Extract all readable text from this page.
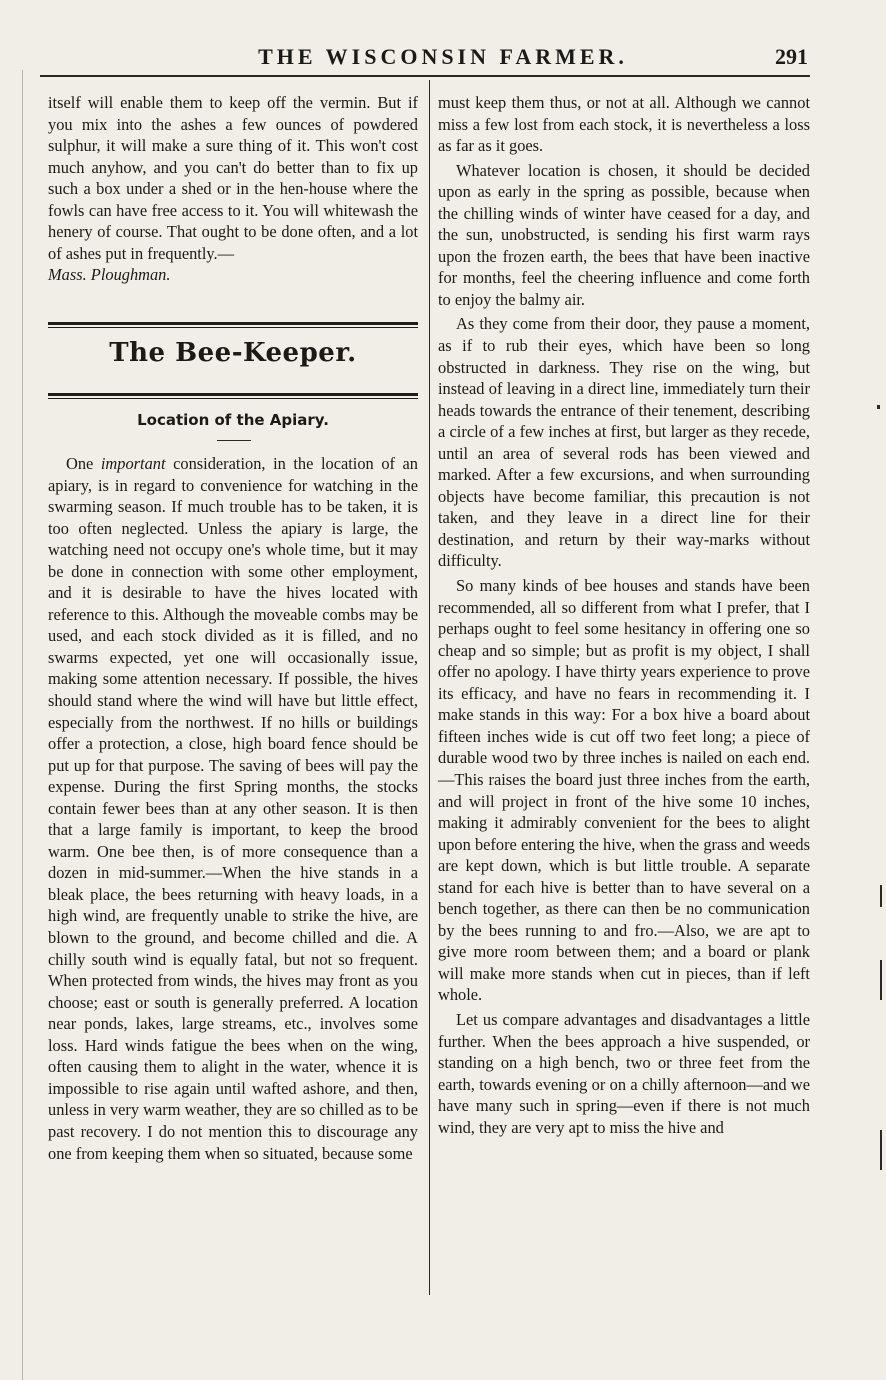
THE WISCONSIN FARMER.	291

itself will enable them to keep off the vermin. But if you mix into the ashes a few ounces of powdered sulphur, it will make a sure thing of it. This won't cost much anyhow, and you can't do better than to fix up such a box under a shed or in the hen-house where the fowls can have free access to it. You will whitewash the henery of course. That ought to be done often, and a lot of ashes put in frequently.—

Mass. Ploughman.

The Bee-Keeper.
Location of the Apiary.

One important consideration, in the location of an apiary, is in regard to convenience for watching in the swarming season. If much trouble has to be taken, it is too often neglected. Unless the apiary is large, the watching need not occupy one's whole time, but it may be done in connection with some other employment, and it is desirable to have the hives located with reference to this. Although the moveable combs may be used, and each stock divided as it is filled, and no swarms expected, yet one will occasionally issue, making some attention necessary. If possible, the hives should stand where the wind will have but little effect, especially from the northwest. If no hills or buildings offer a protection, a close, high board fence should be put up for that purpose. The saving of bees will pay the expense. During the first Spring months, the stocks contain fewer bees than at any other season. It is then that a large family is important, to keep the brood warm. One bee then, is of more consequence than a dozen in mid-summer.—When the hive stands in a bleak place, the bees returning with heavy loads, in a high wind, are frequently unable to strike the hive, are blown to the ground, and become chilled and die. A chilly south wind is equally fatal, but not so frequent. When protected from winds, the hives may front as you choose; east or south is generally preferred. A location near ponds, lakes, large streams, etc., involves some loss. Hard winds fatigue the bees when on the wing, often causing them to alight in the water, whence it is impossible to rise again until wafted ashore, and then, unless in very warm weather, they are so chilled as to be past recovery. I do not mention this to discourage any one from keeping them when so situated, because some

must keep them thus, or not at all. Although we cannot miss a few lost from each stock, it is nevertheless a loss as far as it goes.

Whatever location is chosen, it should be decided upon as early in the spring as possible, because when the chilling winds of winter have ceased for a day, and the sun, unobstructed, is sending his first warm rays upon the frozen earth, the bees that have been inactive for months, feel the cheering influence and come forth to enjoy the balmy air.

As they come from their door, they pause a moment, as if to rub their eyes, which have been so long obstructed in darkness. They rise on the wing, but instead of leaving in a direct line, immediately turn their heads towards the entrance of their tenement, describing a circle of a few inches at first, but larger as they recede, until an area of several rods has been viewed and marked. After a few excursions, and when surrounding objects have become familiar, this precaution is not taken, and they leave in a direct line for their destination, and return by their way-marks without difficulty.

So many kinds of bee houses and stands have been recommended, all so different from what I prefer, that I perhaps ought to feel some hesitancy in offering one so cheap and so simple; but as profit is my object, I shall offer no apology. I have thirty years experience to prove its efficacy, and have no fears in recommending it. I make stands in this way: For a box hive a board about fifteen inches wide is cut off two feet long; a piece of durable wood two by three inches is nailed on each end.—This raises the board just three inches from the earth, and will project in front of the hive some 10 inches, making it admirably convenient for the bees to alight upon before entering the hive, when the grass and weeds are kept down, which is but little trouble. A separate stand for each hive is better than to have several on a bench together, as there can then be no communication by the bees running to and fro.—Also, we are apt to give more room between them; and a board or plank will make more stands when cut in pieces, than if left whole.

Let us compare advantages and disadvantages a little further. When the bees approach a hive suspended, or standing on a high bench, two or three feet from the earth, towards evening or on a chilly afternoon—and we have many such in spring—even if there is not much wind, they are very apt to miss the hive and
